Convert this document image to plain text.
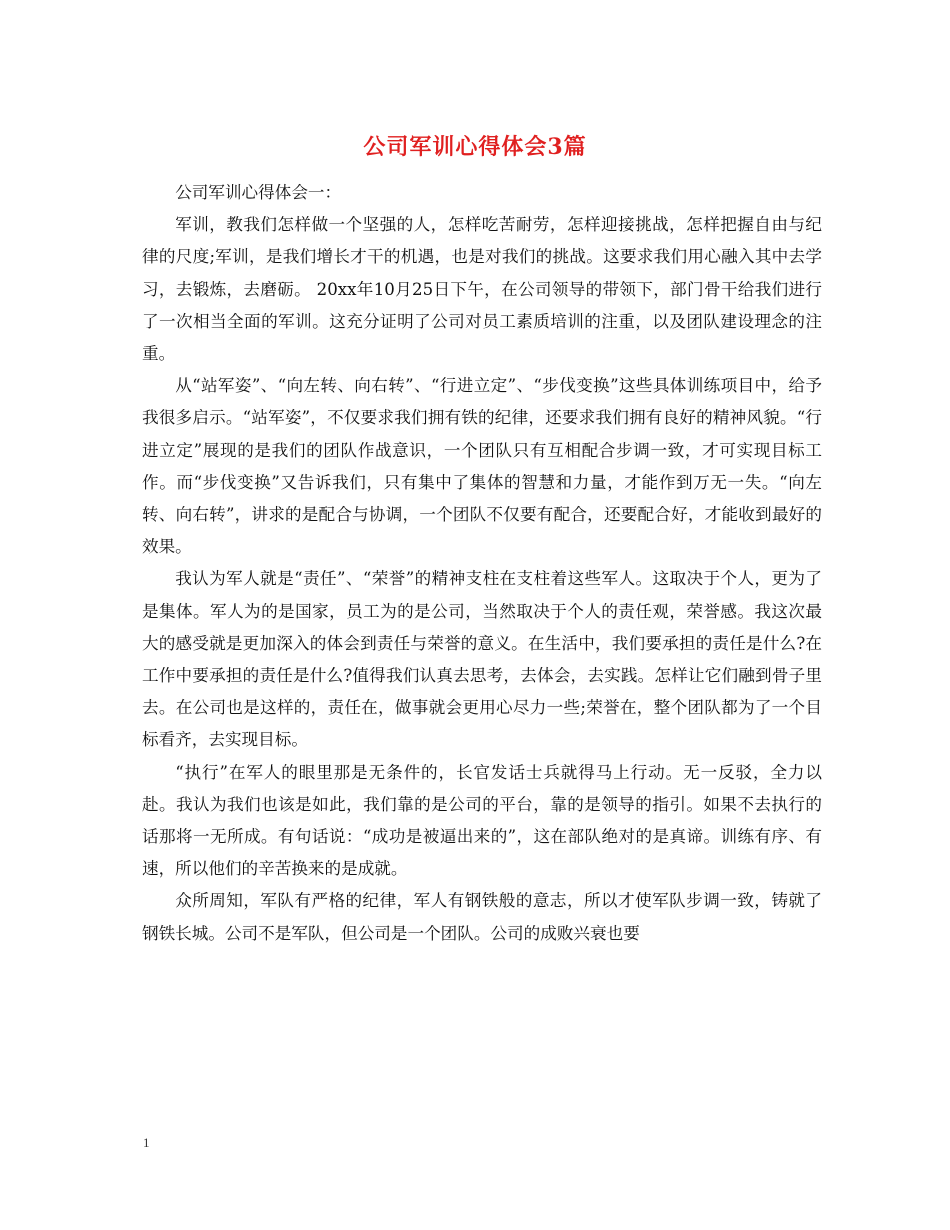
公司军训心得体会3篇

公司军训心得体会一：

军训，教我们怎样做一个坚强的人，怎样吃苦耐劳，怎样迎接挑战，怎样把握自由与纪律的尺度;军训，是我们增长才干的机遇，也是对我们的挑战。这要求我们用心融入其中去学习，去锻炼，去磨砺。 20xx年10月25日下午，在公司领导的带领下，部门骨干给我们进行了一次相当全面的军训。这充分证明了公司对员工素质培训的注重，以及团队建设理念的注重。

从“站军姿”、“向左转、向右转”、“行进立定”、“步伐变换”这些具体训练项目中，给予我很多启示。“站军姿”，不仅要求我们拥有铁的纪律，还要求我们拥有良好的精神风貌。“行进立定”展现的是我们的团队作战意识，一个团队只有互相配合步调一致，才可实现目标工作。而“步伐变换”又告诉我们，只有集中了集体的智慧和力量，才能作到万无一失。“向左转、向右转”，讲求的是配合与协调，一个团队不仅要有配合，还要配合好，才能收到最好的效果。

我认为军人就是“责任”、“荣誉”的精神支柱在支柱着这些军人。这取决于个人，更为了是集体。军人为的是国家，员工为的是公司，当然取决于个人的责任观，荣誉感。我这次最大的感受就是更加深入的体会到责任与荣誉的意义。在生活中，我们要承担的责任是什么?在工作中要承担的责任是什么?值得我们认真去思考，去体会，去实践。怎样让它们融到骨子里去。在公司也是这样的，责任在，做事就会更用心尽力一些;荣誉在，整个团队都为了一个目标看齐，去实现目标。

“执行”在军人的眼里那是无条件的，长官发话士兵就得马上行动。无一反驳，全力以赴。我认为我们也该是如此，我们靠的是公司的平台，靠的是领导的指引。如果不去执行的话那将一无所成。有句话说：“成功是被逼出来的”，这在部队绝对的是真谛。训练有序、有速，所以他们的辛苦换来的是成就。

众所周知，军队有严格的纪律，军人有钢铁般的意志，所以才使军队步调一致，铸就了钢铁长城。公司不是军队，但公司是一个团队。公司的成败兴衰也要

1
